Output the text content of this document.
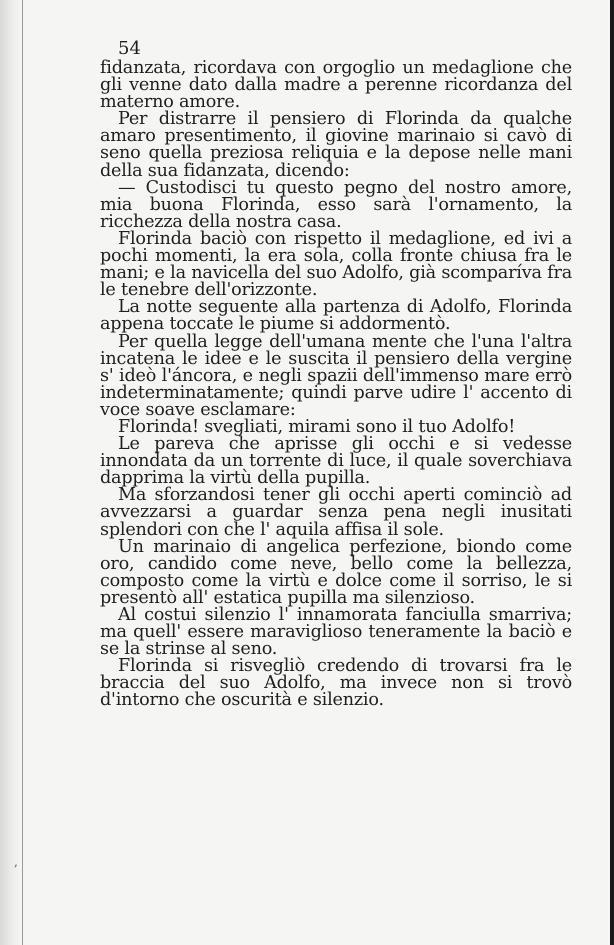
54

fidanzata, ricordava con orgoglio un medaglione che gli venne dato dalla madre a perenne ricordanza del materno amore.

Per distrarre il pensiero di Florinda da qualche amaro presentimento, il giovine marinaio si cavò di seno quella preziosa reliquia e la depose nelle mani della sua fidanzata, dicendo:

— Custodisci tu questo pegno del nostro amore, mia buona Florinda, esso sarà l'ornamento, la ricchezza della nostra casa.

Florinda baciò con rispetto il medaglione, ed ivi a pochi momenti, la era sola, colla fronte chiusa fra le mani; e la navicella del suo Adolfo, già scomparíva fra le tenebre dell'orizzonte.

La notte seguente alla partenza di Adolfo, Florinda appena toccate le piume si addormentò.

Per quella legge dell'umana mente che l'una l'altra incatena le idee e le suscita il pensiero della vergine s' ideò l'áncora, e negli spazii dell'immenso mare errò indeterminatamente; quindi parve udire l' accento di voce soave esclamare:

Florinda! svegliati, mirami sono il tuo Adolfo!

Le pareva che aprisse gli occhi e si vedesse innondata da un torrente di luce, il quale soverchiava dapprima la virtù della pupilla.

Ma sforzandosi tener gli occhi aperti cominciò ad avvezzarsi a guardar senza pena negli inusitati splendori con che l' aquila affisa il sole.

Un marinaio di angelica perfezione, biondo come oro, candido come neve, bello come la bellezza, composto come la virtù e dolce come il sorriso, le si presentò all' estatica pupilla ma silenzioso.

Al costui silenzio l' innamorata fanciulla smarriva; ma quell' essere maraviglioso teneramente la baciò e se la strinse al seno.

Florinda si risvegliò credendo di trovarsi fra le braccia del suo Adolfo, ma invece non si trovò d'intorno che oscurità e silenzio.

,
